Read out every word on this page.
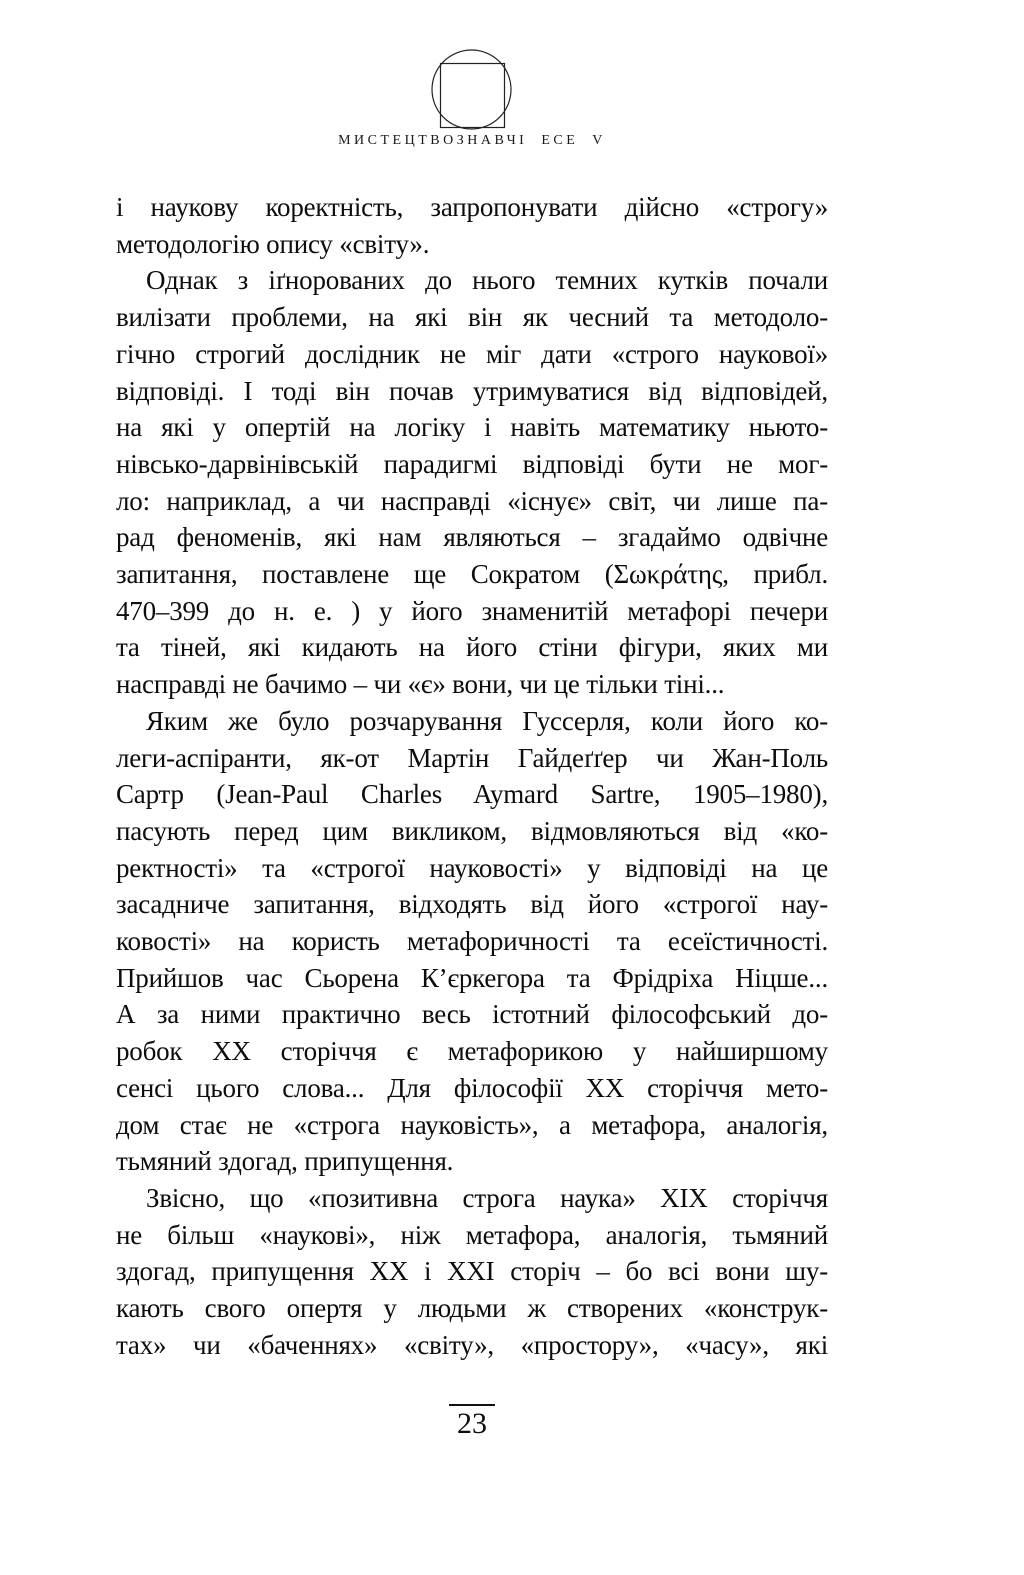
МИСТЕЦТВОЗНАВЧІ ЕСЕ V
і наукову коректність, запропонувати дійсно «строгу»
методологію опису «світу».
Однак з іґнорованих до нього темних кутків почали
вилізати проблеми, на які він як чесний та методоло-
гічно строгий дослідник не міг дати «строго наукової»
відповіді. І тоді він почав утримуватися від відповідей,
на які у опертій на логіку і навіть математику ньюто-
нівсько-дарвінівській парадигмі відповіді бути не мог-
ло: наприклад, а чи насправді «існує» світ, чи лише па-
рад феноменів, які нам являються – згадаймо одвічне
запитання, поставлене ще Сократом (Σωκράτης, прибл.
470–399 до н. е. ) у його знаменитій метафорі печери
та тіней, які кидають на його стіни фігури, яких ми
насправді не бачимо – чи «є» вони, чи це тільки тіні...
Яким же було розчарування Гуссерля, коли його ко-
леги-аспіранти, як-от Мартін Гайдеґґер чи Жан-Поль
Сартр (Jean-Paul Charles Aymard Sartre, 1905–1980),
пасують перед цим викликом, відмовляються від «ко-
ректності» та «строгої науковості» у відповіді на це
засадниче запитання, відходять від його «строгої нау-
ковості» на користь метафоричності та есеїстичності.
Прийшов час Сьорена К’єркегора та Фрідріха Ніцше...
А за ними практично весь істотний філософський до-
робок ХХ сторіччя є метафорикою у найширшому
сенсі цього слова... Для філософії ХХ сторіччя мето-
дом стає не «строга науковість», а метафора, аналогія,
тьмяний здогад, припущення.
Звісно, що «позитивна строга наука» ХІХ сторіччя
не більш «наукові», ніж метафора, аналогія, тьмяний
здогад, припущення ХХ і ХХІ сторіч – бо всі вони шу-
кають свого опертя у людьми ж створених «конструк-
тах» чи «баченнях» «світу», «простору», «часу», які
23
